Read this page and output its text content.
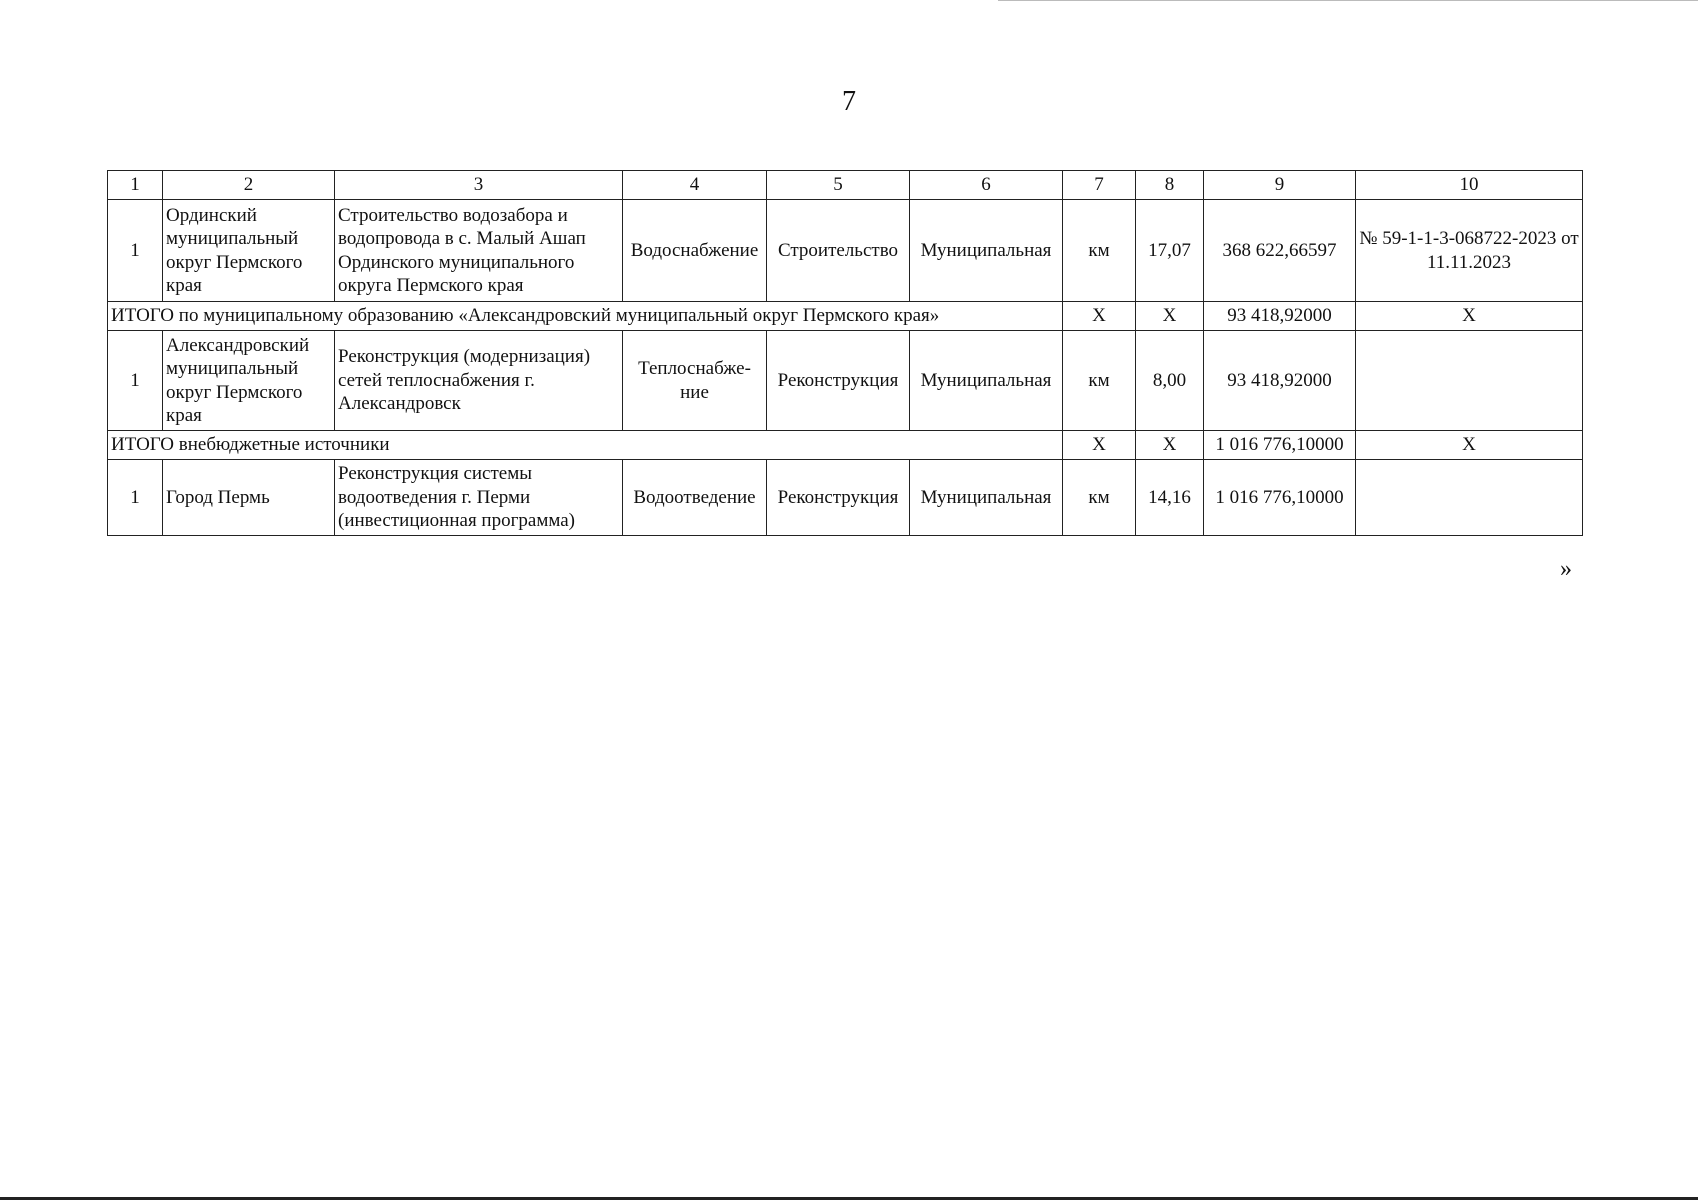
7
1	2	3	4	5	6	7	8	9	10
1	Ординский муниципальный округ Пермского края	Строительство водозабора и водопровода в с. Малый Ашап Ординского муниципального округа Пермского края	Водоснабжение	Строительство	Муниципальная	км	17,07	368 622,66597	№ 59-1-1-3-068722-2023 от 11.11.2023
ИТОГО по муниципальному образованию «Александровский муниципальный округ Пермского края»						X	X	93 418,92000	X
1	Александровский муниципальный округ Пермского края	Реконструкция (модернизация) сетей теплоснабжения г. Александровск	Теплоснабже-ние	Реконструкция	Муниципальная	км	8,00	93 418,92000	
ИТОГО внебюджетные источники						X	X	1 016 776,10000	X
1	Город Пермь	Реконструкция системы водоотведения г. Перми (инвестиционная программа)	Водоотведение	Реконструкция	Муниципальная	км	14,16	1 016 776,10000	
»
